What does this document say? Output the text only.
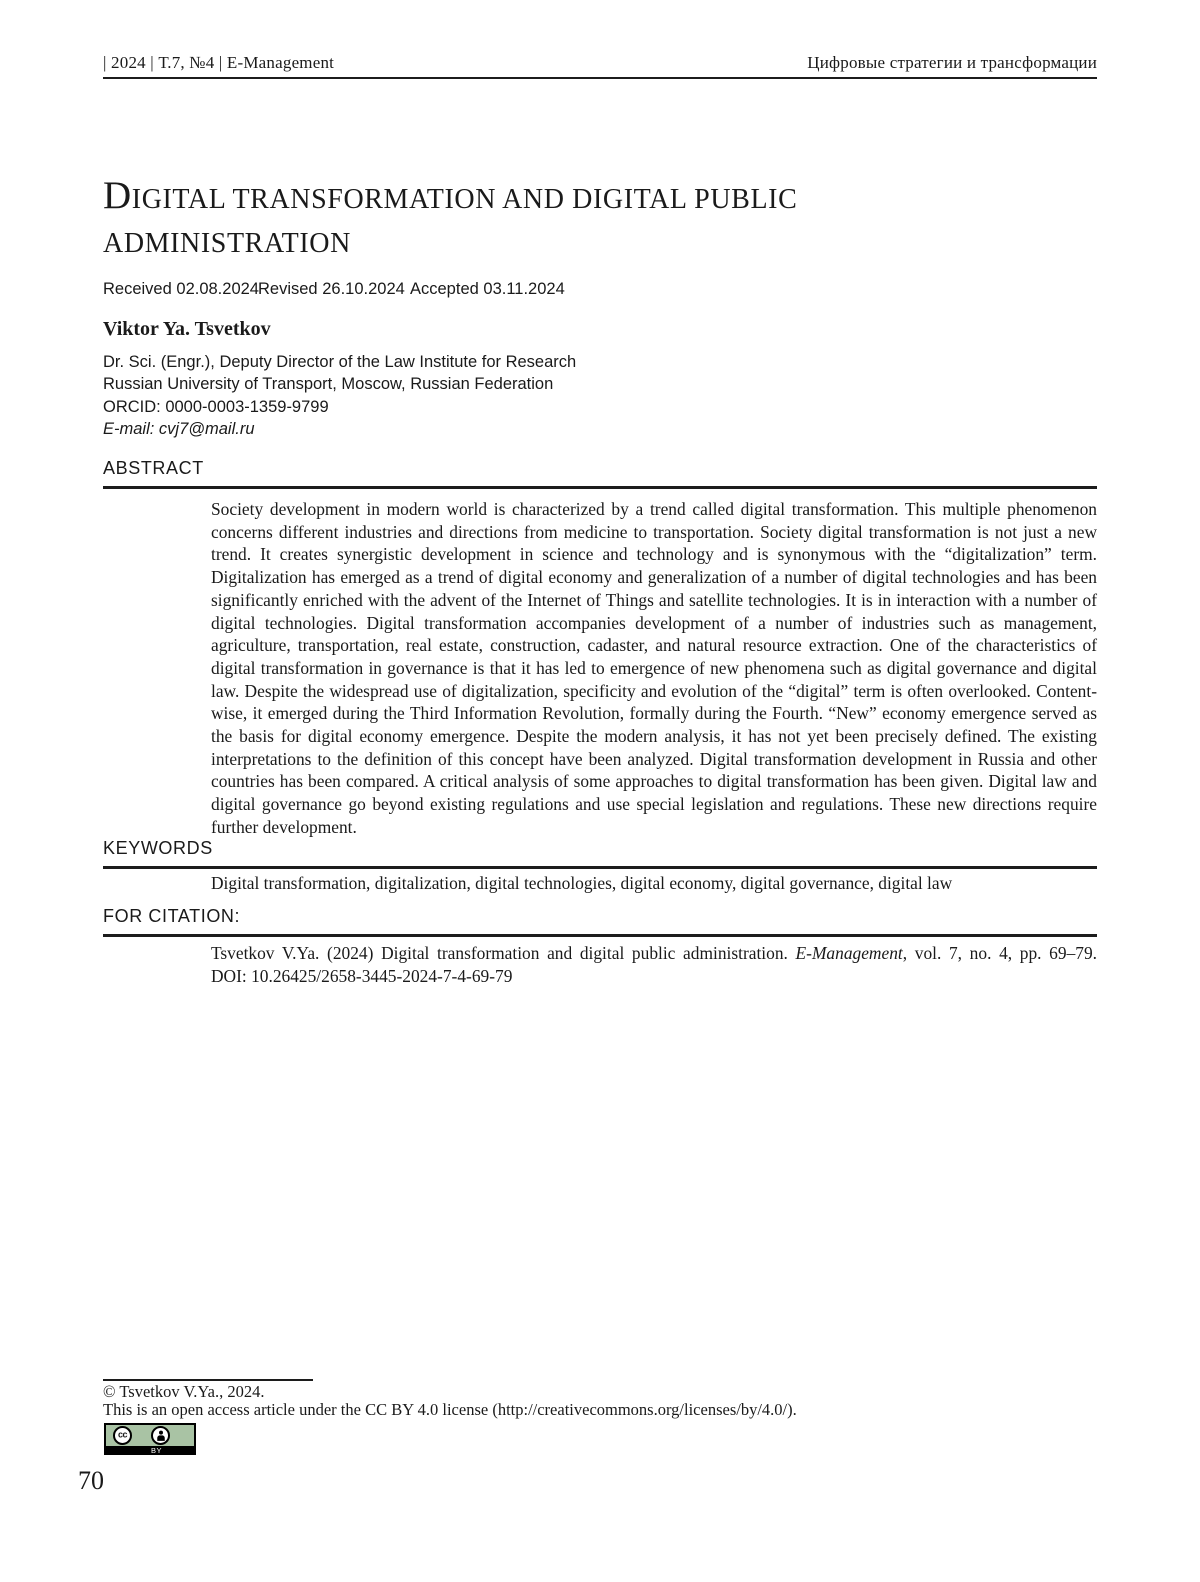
| 2024 | Т.7, №4 | E-Management	Цифровые стратегии и трансформации
DIGITAL TRANSFORMATION AND DIGITAL PUBLIC
ADMINISTRATION
Received 02.08.2024 Revised 26.10.2024 Accepted 03.11.2024
Viktor Ya. Tsvetkov
Dr. Sci. (Engr.), Deputy Director of the Law Institute for Research
Russian University of Transport, Moscow, Russian Federation
ORCID: 0000-0003-1359-9799
E-mail: cvj7@mail.ru
ABSTRACT

Society development in modern world is characterized by a trend called digital transformation. This multiple phenomenon concerns different industries and directions from medicine to transportation. Society digital transformation is not just a new trend. It creates synergistic development in science and technology and is synonymous with the “digitalization” term. Digitalization has emerged as a trend of digital economy and generalization of a number of digital technologies and has been significantly enriched with the advent of the Internet of Things and satellite technologies. It is in interaction with a number of digital technologies. Digital transformation accompanies development of a number of industries such as management, agriculture, transportation, real estate, construction, cadaster, and natural resource extraction. One of the characteristics of digital transformation in governance is that it has led to emergence of new phenomena such as digital governance and digital law. Despite the widespread use of digitalization, specificity and evolution of the “digital” term is often overlooked. Content-wise, it emerged during the Third Information Revolution, formally during the Fourth. “New” economy emergence served as the basis for digital economy emergence. Despite the modern analysis, it has not yet been precisely defined. The existing interpretations to the definition of this concept have been analyzed. Digital transformation development in Russia and other countries has been compared. A critical analysis of some approaches to digital transformation has been given. Digital law and digital governance go beyond existing regulations and use special legislation and regulations. These new directions require further development.

KEYWORDS

Digital transformation, digitalization, digital technologies, digital economy, digital governance, digital law

FOR CITATION:

Tsvetkov V.Ya. (2024) Digital transformation and digital public administration. E-Management, vol. 7, no. 4, pp. 69–79.
DOI: 10.26425/2658-3445-2024-7-4-69-79

© Tsvetkov V.Ya., 2024.
This is an open access article under the CC BY 4.0 license (http://creativecommons.org/licenses/by/4.0/).
cc
BY
70
